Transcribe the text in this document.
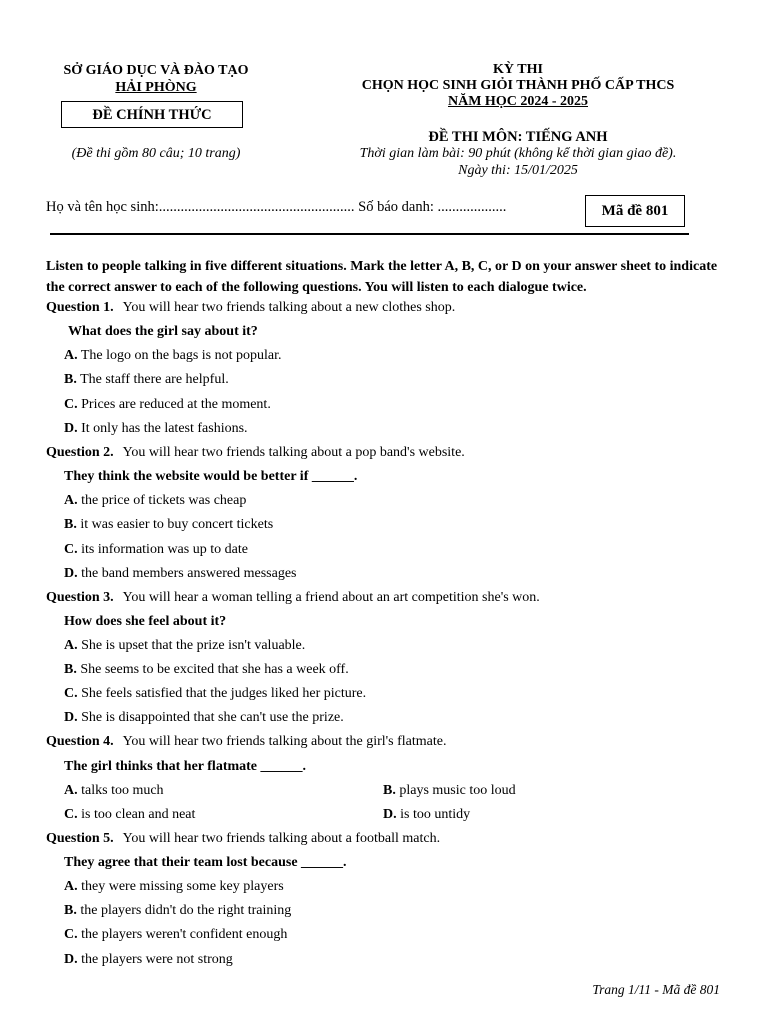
SỞ GIÁO DỤC VÀ ĐÀO TẠO
HẢI PHÒNG
ĐỀ CHÍNH THỨC
(Đề thi gồm 80 câu; 10 trang)
KỲ THI
CHỌN HỌC SINH GIỎI THÀNH PHỐ CẤP THCS
NĂM HỌC 2024 - 2025
ĐỀ THI MÔN: TIẾNG ANH
Thời gian làm bài: 90 phút (không kể thời gian giao đề).
Ngày thi: 15/01/2025
Họ và tên học sinh:...................................................... Số báo danh: ...................	Mã đề 801
Listen to people talking in five different situations. Mark the letter A, B, C, or D on your answer sheet to indicate the correct answer to each of the following questions. You will listen to each dialogue twice.
Question 1. You will hear two friends talking about a new clothes shop.
What does the girl say about it?
A. The logo on the bags is not popular.
B. The staff there are helpful.
C. Prices are reduced at the moment.
D. It only has the latest fashions.
Question 2. You will hear two friends talking about a pop band's website.
They think the website would be better if ______.
A. the price of tickets was cheap
B. it was easier to buy concert tickets
C. its information was up to date
D. the band members answered messages
Question 3. You will hear a woman telling a friend about an art competition she's won.
How does she feel about it?
A. She is upset that the prize isn't valuable.
B. She seems to be excited that she has a week off.
C. She feels satisfied that the judges liked her picture.
D. She is disappointed that she can't use the prize.
Question 4. You will hear two friends talking about the girl's flatmate.
The girl thinks that her flatmate ______.
A. talks too much	B. plays music too loud
C. is too clean and neat	D. is too untidy
Question 5. You will hear two friends talking about a football match.
They agree that their team lost because ______.
A. they were missing some key players
B. the players didn't do the right training
C. the players weren't confident enough
D. the players were not strong
Trang 1/11 - Mã đề 801
